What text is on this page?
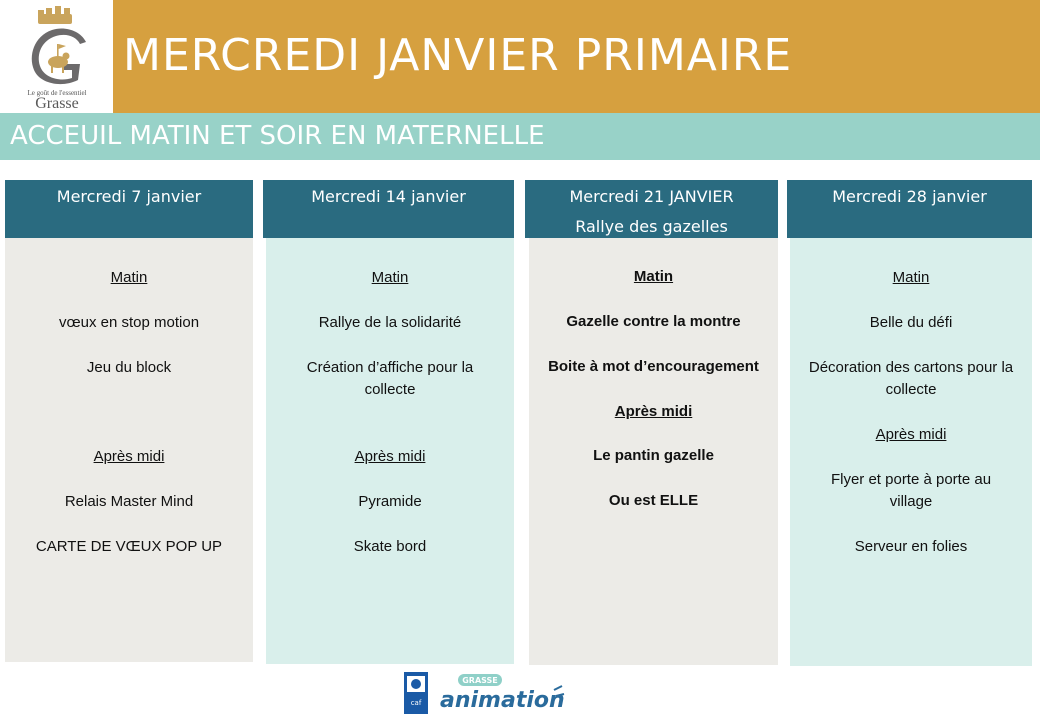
Le goût de l'essentiel
Grasse
MERCREDI JANVIER PRIMAIRE
ACCEUIL MATIN ET SOIR EN MATERNELLE
Mercredi 7 janvier
Matin
vœux en stop motion
Jeu du block
Après midi
Relais Master Mind
CARTE DE VŒUX POP UP
Mercredi 14 janvier
Matin
Rallye de la solidarité
Création d’affiche pour la collecte
Après midi
Pyramide
Skate bord
Mercredi 21 JANVIER
Rallye des gazelles
Matin
Gazelle contre la montre
Boite à mot d’encouragement
Après midi
Le pantin gazelle
Ou est ELLE
Mercredi 28 janvier
Matin
Belle du défi
Décoration des cartons pour la collecte
Après midi
Flyer et porte à porte au village
Serveur en folies
caf
GRASSE
animation
